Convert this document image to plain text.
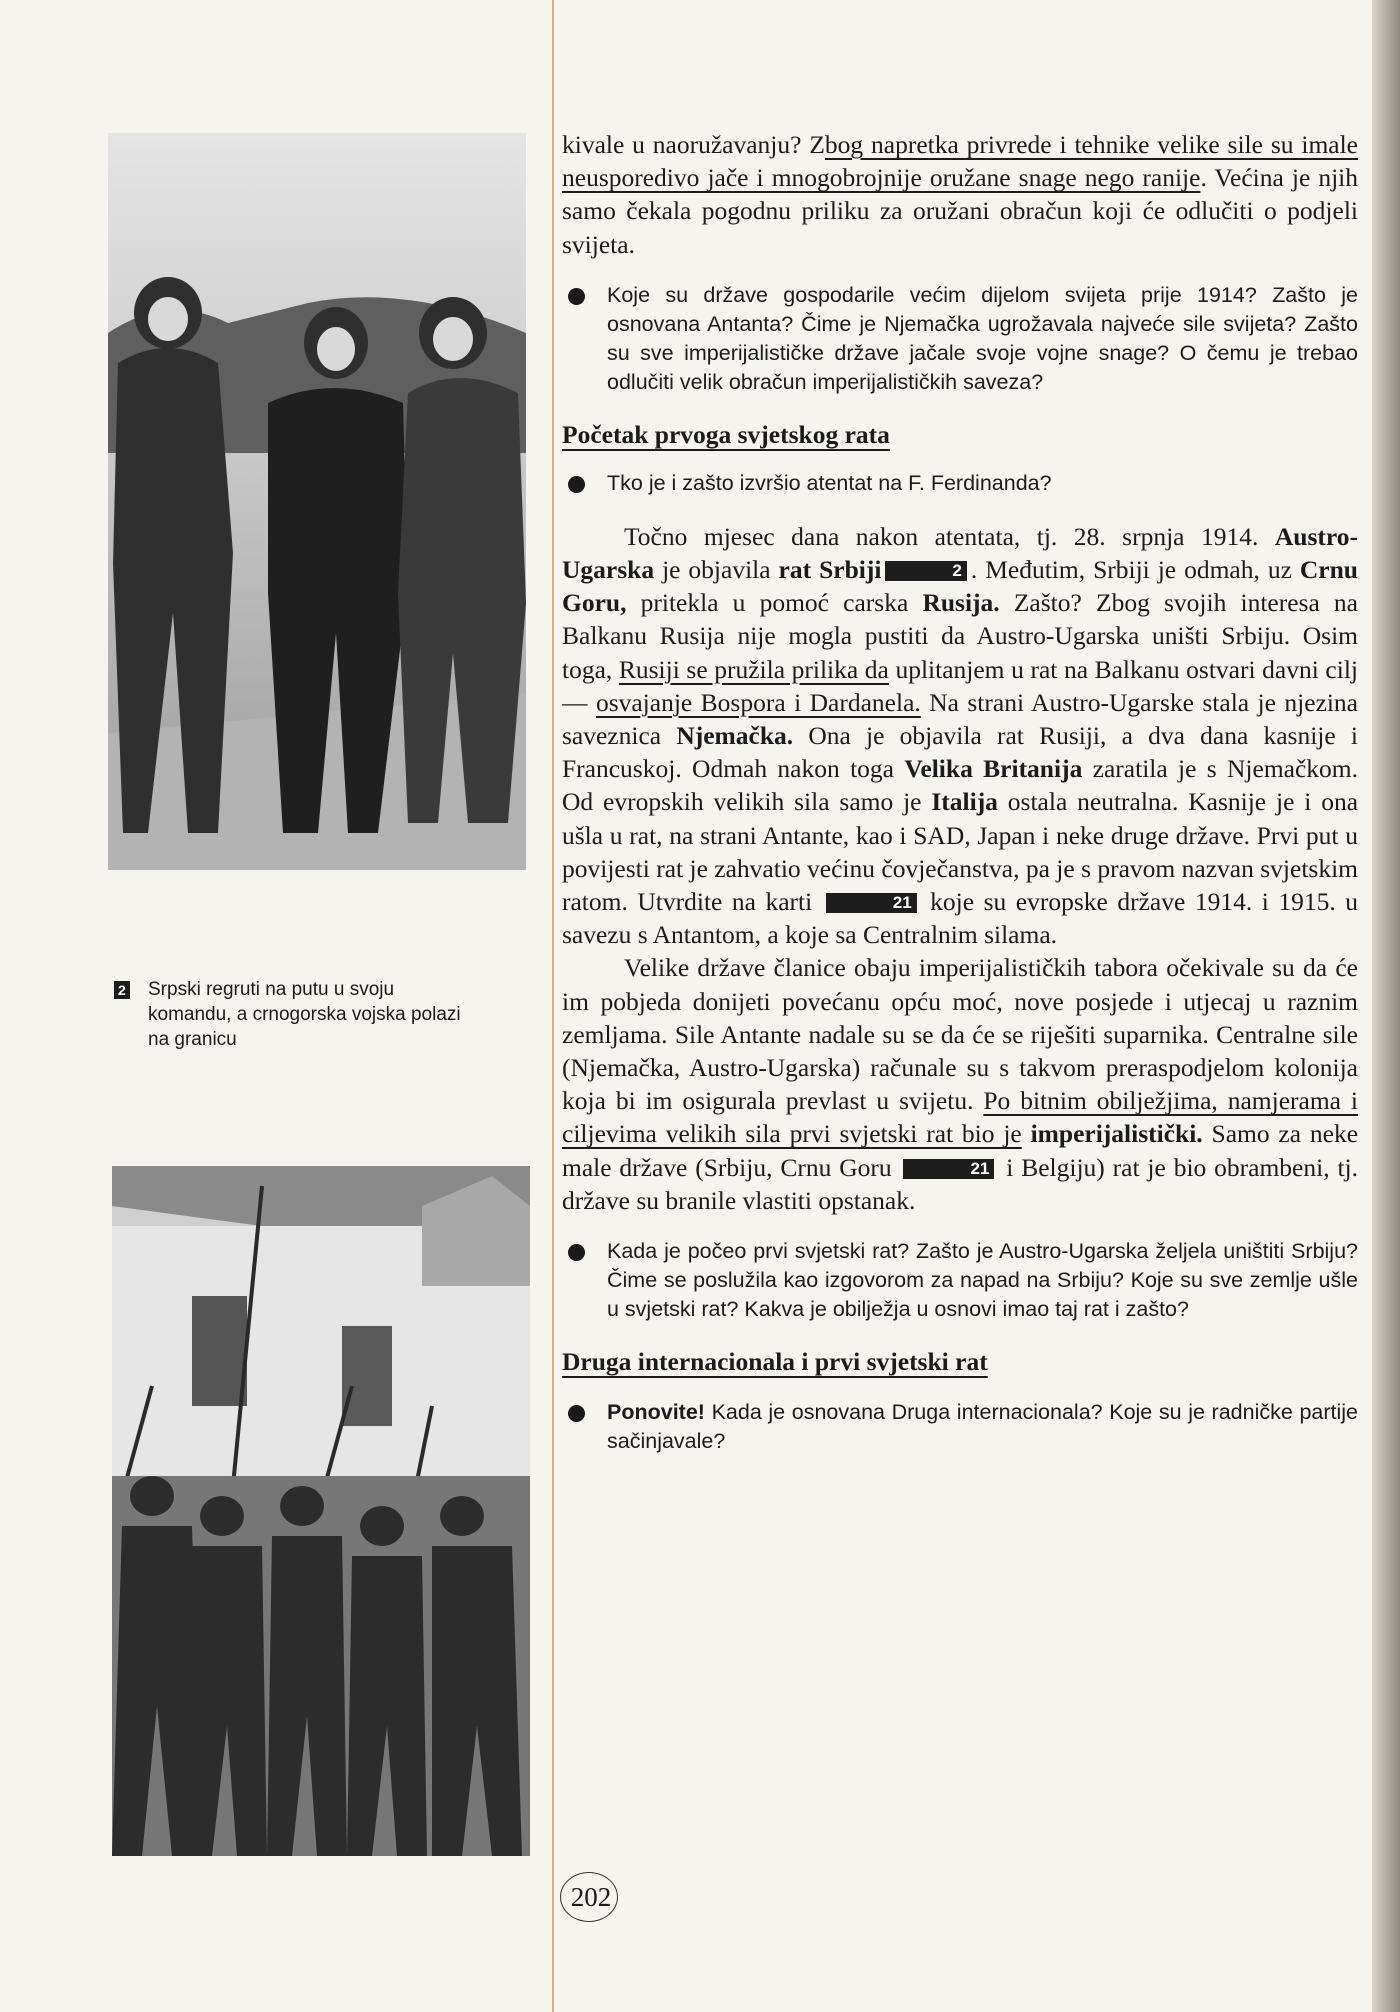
2 Srpski regruti na putu u svoju komandu, a crnogorska vojska polazi na granicu

kivale u naoružavanju? Zbog napretka privrede i tehnike velike sile su imale neusporedivo jače i mnogobrojnije oružane snage nego ranije. Većina je njih samo čekala pogodnu priliku za oružani obračun koji će odlučiti o podjeli svijeta.

Koje su države gospodarile većim dijelom svijeta prije 1914? Zašto je osnovana Antanta? Čime je Njemačka ugrožavala najveće sile svijeta? Zašto su sve imperijalističke države jačale svoje vojne snage? O čemu je trebao odlučiti velik obračun imperijalističkih saveza?

Početak prvoga svjetskog rata

Tko je i zašto izvršio atentat na F. Ferdinanda?

Točno mjesec dana nakon atentata, tj. 28. srpnja 1914. Austro-Ugarska je objavila rat Srbiji	2 . Međutim, Srbiji je odmah, uz Crnu Goru, pritekla u pomoć carska Rusija. Zašto? Zbog svojih interesa na Balkanu Rusija nije mogla pustiti da Austro-Ugarska uništi Srbiju. Osim toga, Rusiji se pružila prilika da uplitanjem u rat na Balkanu ostvari davni cilj — osvajanje Bospora i Dardanela. Na strani Austro-Ugarske stala je njezina saveznica Njemačka. Ona je objavila rat Rusiji, a dva dana kasnije i Francuskoj. Odmah nakon toga Velika Britanija zaratila je s Njemačkom. Od evropskih velikih sila samo je Italija ostala neutralna. Kasnije je i ona ušla u rat, na strani Antante, kao i SAD, Japan i neke druge države. Prvi put u povijesti rat je zahvatio većinu čovječanstva, pa je s pravom nazvan svjetskim ratom. Utvrdite na karti	21 koje su evropske države 1914. i 1915. u savezu s Antantom, a koje sa Centralnim silama.

Velike države članice obaju imperijalističkih tabora očekivale su da će im pobjeda donijeti povećanu opću moć, nove posjede i utjecaj u raznim zemljama. Sile Antante nadale su se da će se riješiti suparnika. Centralne sile (Njemačka, Austro-Ugarska) računale su s takvom preraspodjelom kolonija koja bi im osigurala prevlast u svijetu. Po bitnim obilježjima, namjerama i ciljevima velikih sila prvi svjetski rat bio je imperijalistički. Samo za neke male države (Srbiju, Crnu Goru	21 i Belgiju) rat je bio obrambeni, tj. države su branile vlastiti opstanak.

Kada je počeo prvi svjetski rat? Zašto je Austro-Ugarska željela uništiti Srbiju? Čime se poslužila kao izgovorom za napad na Srbiju? Koje su sve zemlje ušle u svjetski rat? Kakva je obilježja u osnovi imao taj rat i zašto?

Druga internacionala i prvi svjetski rat

Ponovite! Kada je osnovana Druga internacionala? Koje su je radničke partije sačinjavale?

202
